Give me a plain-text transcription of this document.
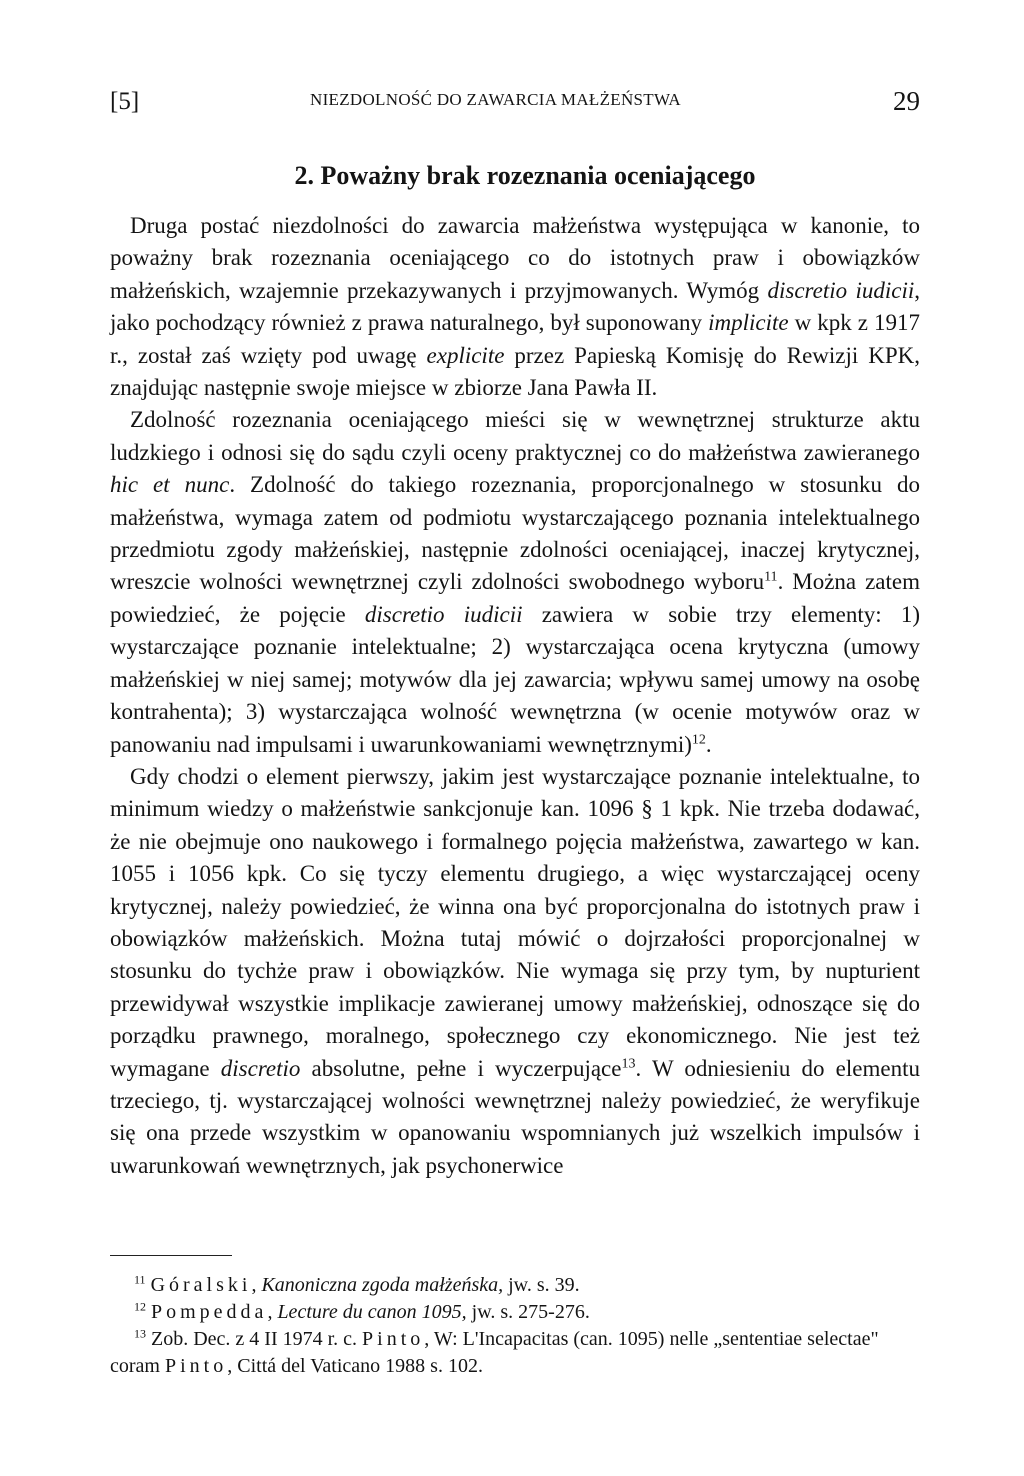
[5]	NIEZDOLNOŚĆ DO ZAWARCIA MAŁŻEŃSTWA	29
2. Poważny brak rozeznania oceniającego

Druga postać niezdolności do zawarcia małżeństwa występująca w kanonie, to poważny brak rozeznania oceniającego co do istotnych praw i obowiązków małżeńskich, wzajemnie przekazywanych i przyjmowanych. Wymóg discretio iudicii, jako pochodzący również z prawa naturalnego, był suponowany implicite w kpk z 1917 r., został zaś wzięty pod uwagę explicite przez Papieską Komisję do Rewizji KPK, znajdując następnie swoje miejsce w zbiorze Jana Pawła II.

Zdolność rozeznania oceniającego mieści się w wewnętrznej strukturze aktu ludzkiego i odnosi się do sądu czyli oceny praktycznej co do małżeństwa zawieranego hic et nunc. Zdolność do takiego rozeznania, proporcjonalnego w stosunku do małżeństwa, wymaga zatem od podmiotu wystarczającego poznania intelektualnego przedmiotu zgody małżeńskiej, następnie zdolności oceniającej, inaczej krytycznej, wreszcie wolności wewnętrznej czyli zdolności swobodnego wyboru$^{11}$. Można zatem powiedzieć, że pojęcie discretio iudicii zawiera w sobie trzy elementy: 1) wystarczające poznanie intelektualne; 2) wystarczająca ocena krytyczna (umowy małżeńskiej w niej samej; motywów dla jej zawarcia; wpływu samej umowy na osobę kontrahenta); 3) wystarczająca wolność wewnętrzna (w ocenie motywów oraz w panowaniu nad impulsami i uwarunkowaniami wewnętrznymi)$^{12}$.

Gdy chodzi o element pierwszy, jakim jest wystarczające poznanie intelektualne, to minimum wiedzy o małżeństwie sankcjonuje kan. 1096 § 1 kpk. Nie trzeba dodawać, że nie obejmuje ono naukowego i formalnego pojęcia małżeństwa, zawartego w kan. 1055 i 1056 kpk. Co się tyczy elementu drugiego, a więc wystarczającej oceny krytycznej, należy powiedzieć, że winna ona być proporcjonalna do istotnych praw i obowiązków małżeńskich. Można tutaj mówić o dojrzałości proporcjonalnej w stosunku do tychże praw i obowiązków. Nie wymaga się przy tym, by nupturient przewidywał wszystkie implikacje zawieranej umowy małżeńskiej, odnoszące się do porządku prawnego, moralnego, społecznego czy ekonomicznego. Nie jest też wymagane discretio absolutne, pełne i wyczerpujące$^{13}$. W odniesieniu do elementu trzeciego, tj. wystarczającej wolności wewnętrznej należy powiedzieć, że weryfikuje się ona przede wszystkim w opanowaniu wspomnianych już wszelkich impulsów i uwarunkowań wewnętrznych, jak psychonerwice

$^{11}$ Góralski, Kanoniczna zgoda małżeńska, jw. s. 39.

$^{12}$ Pompedda, Lecture du canon 1095, jw. s. 275-276.

$^{13}$ Zob. Dec. z 4 II 1974 r. c. Pinto, W: L'Incapacitas (can. 1095) nelle „sententiae selectae" coram Pinto, Cittá del Vaticano 1988 s. 102.
